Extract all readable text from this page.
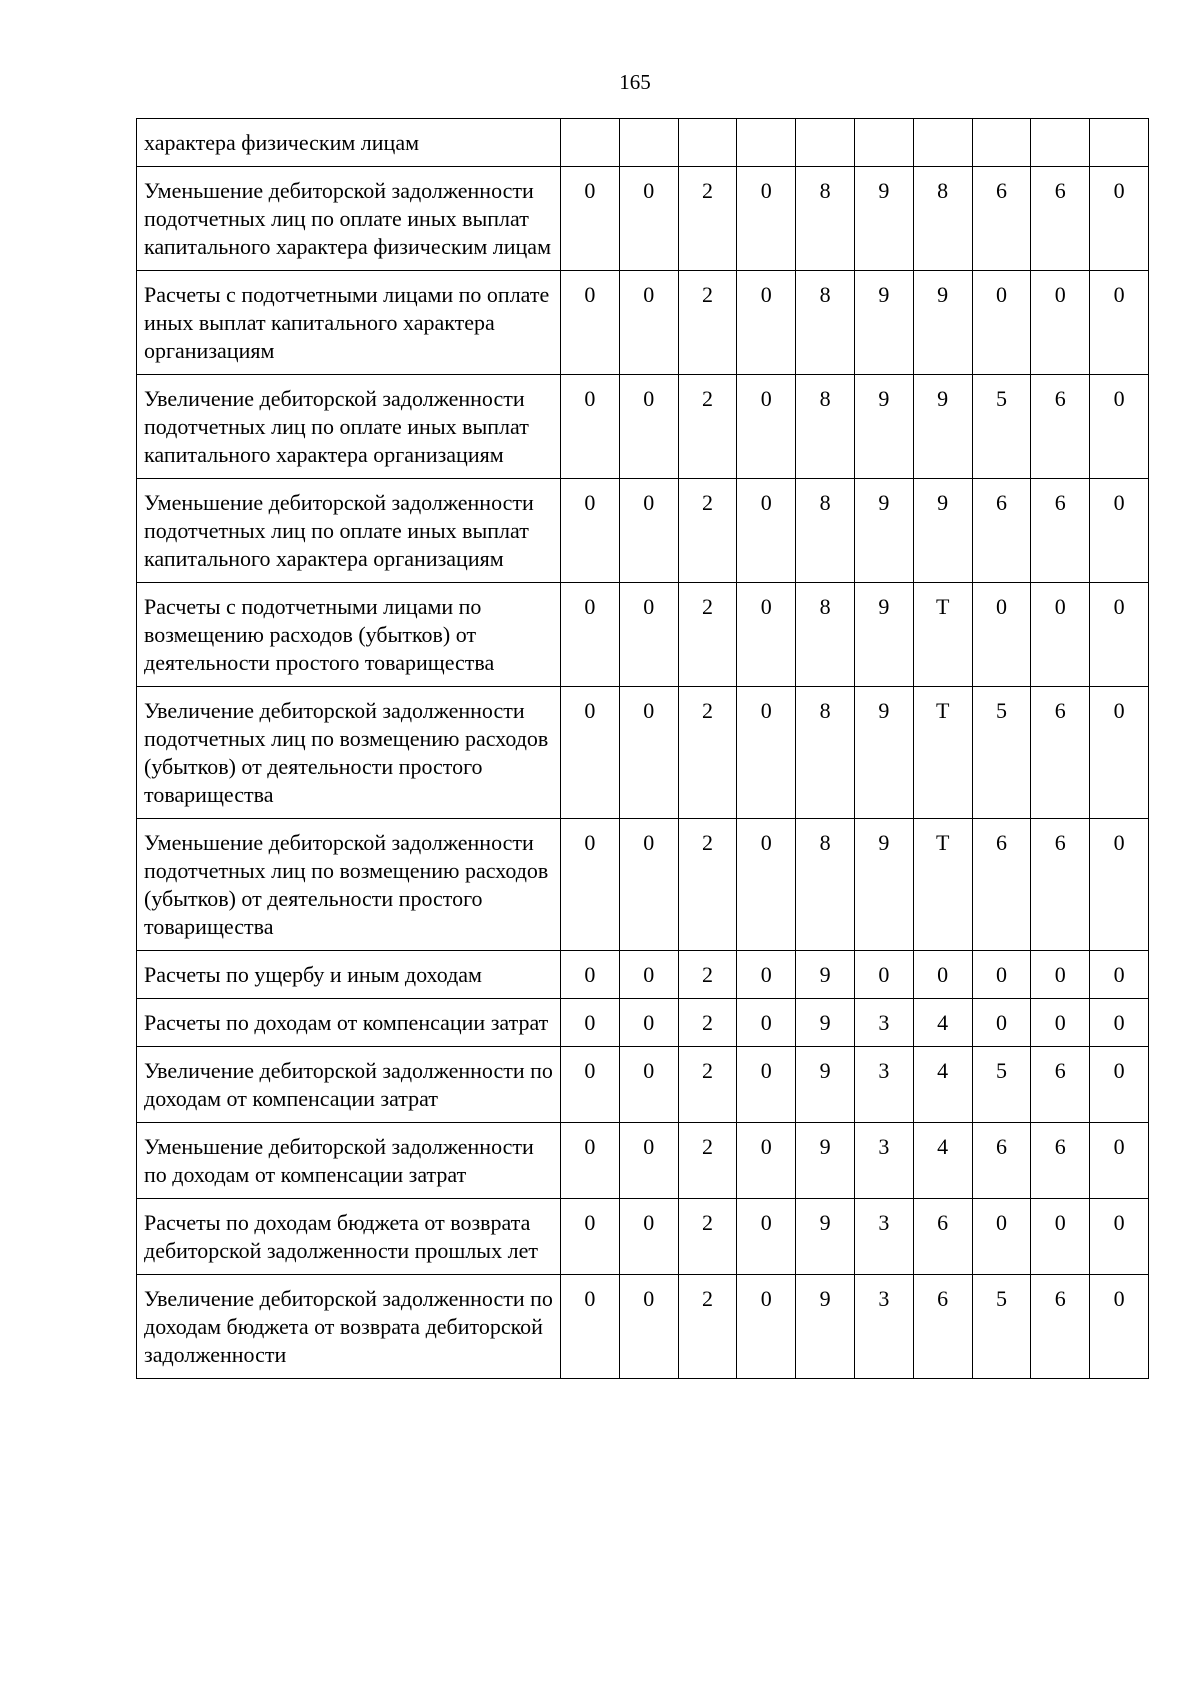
165
характера физическим лицам										
Уменьшение дебиторской задолженности подотчетных лиц по оплате иных выплат капитального характера физическим лицам	0	0	2	0	8	9	8	6	6	0
Расчеты с подотчетными лицами по оплате иных выплат капитального характера организациям	0	0	2	0	8	9	9	0	0	0
Увеличение дебиторской задолженности подотчетных лиц по оплате иных выплат капитального характера организациям	0	0	2	0	8	9	9	5	6	0
Уменьшение дебиторской задолженности подотчетных лиц по оплате иных выплат капитального характера организациям	0	0	2	0	8	9	9	6	6	0
Расчеты с подотчетными лицами по возмещению расходов (убытков) от деятельности простого товарищества	0	0	2	0	8	9	Т	0	0	0
Увеличение дебиторской задолженности подотчетных лиц по возмещению расходов (убытков) от деятельности простого товарищества	0	0	2	0	8	9	Т	5	6	0
Уменьшение дебиторской задолженности подотчетных лиц по возмещению расходов (убытков) от деятельности простого товарищества	0	0	2	0	8	9	Т	6	6	0
Расчеты по ущербу и иным доходам	0	0	2	0	9	0	0	0	0	0
Расчеты по доходам от компенсации затрат	0	0	2	0	9	3	4	0	0	0
Увеличение дебиторской задолженности по доходам от компенсации затрат	0	0	2	0	9	3	4	5	6	0
Уменьшение дебиторской задолженности по доходам от компенсации затрат	0	0	2	0	9	3	4	6	6	0
Расчеты по доходам бюджета от возврата дебиторской задолженности прошлых лет	0	0	2	0	9	3	6	0	0	0
Увеличение дебиторской задолженности по доходам бюджета от возврата дебиторской задолженности	0	0	2	0	9	3	6	5	6	0
